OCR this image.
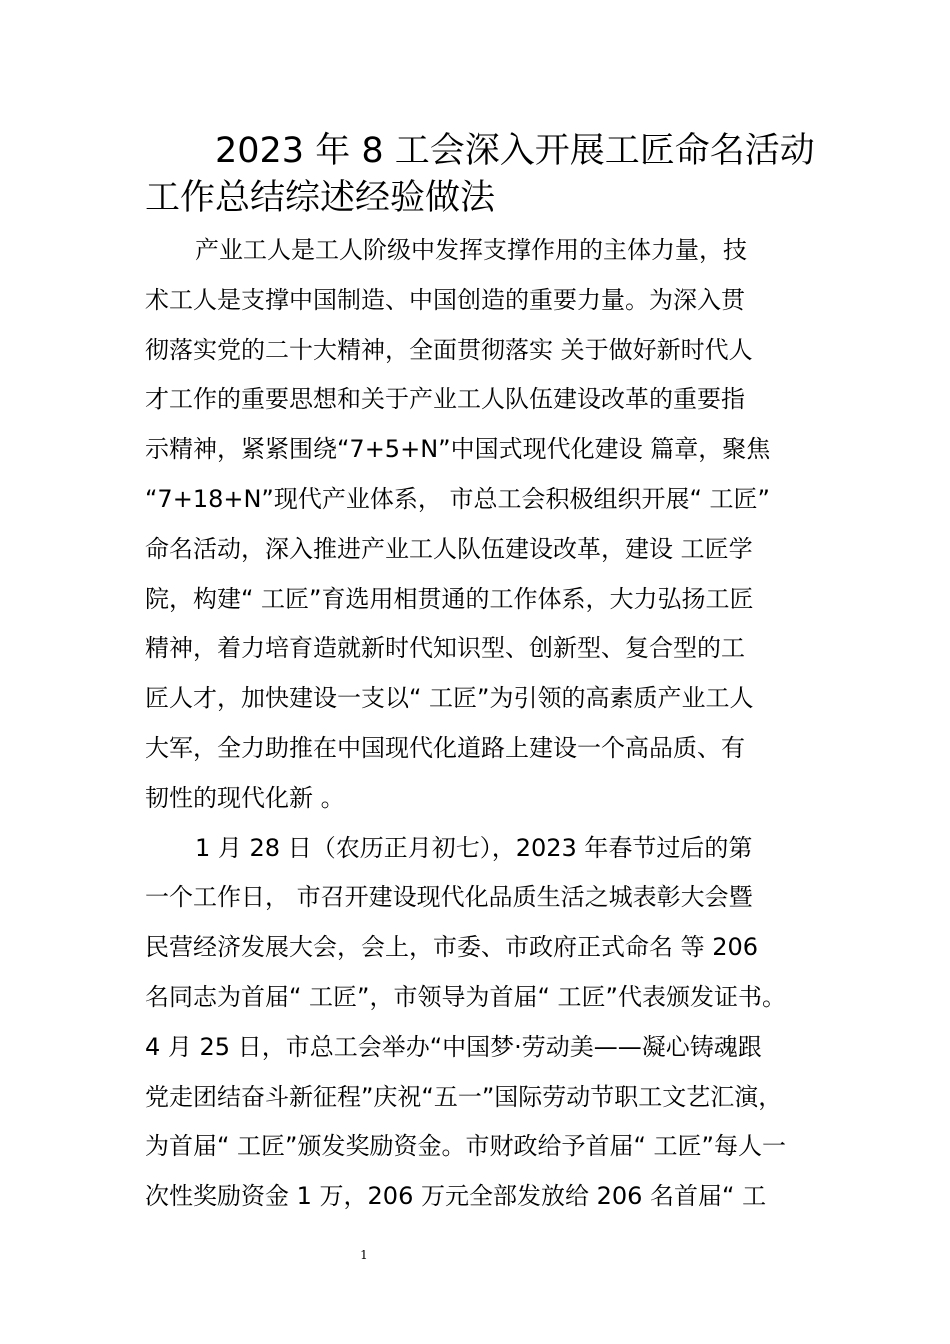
2023 年 8 工会深入开展工匠命名活动
工作总结综述经验做法
产业工人是工人阶级中发挥支撑作用的主体力量，技
术工人是支撑中国制造、中国创造的重要力量。为深入贯
彻落实党的二十大精神，全面贯彻落实 关于做好新时代人
才工作的重要思想和关于产业工人队伍建设改革的重要指
示精神，紧紧围绕“7+5+N”中国式现代化建设 篇章，聚焦
“7+18+N”现代产业体系， 市总工会积极组织开展“ 工匠”
命名活动，深入推进产业工人队伍建设改革，建设 工匠学
院，构建“ 工匠”育选用相贯通的工作体系，大力弘扬工匠
精神，着力培育造就新时代知识型、创新型、复合型的工
匠人才，加快建设一支以“ 工匠”为引领的高素质产业工人
大军，全力助推在中国现代化道路上建设一个高品质、有
韧性的现代化新 。
1 月 28 日（农历正月初七），2023 年春节过后的第
一个工作日， 市召开建设现代化品质生活之城表彰大会暨
民营经济发展大会，会上，市委、市政府正式命名 等 206
名同志为首届“ 工匠”，市领导为首届“ 工匠”代表颁发证书。
4 月 25 日，市总工会举办“中国梦·劳动美——凝心铸魂跟
党走团结奋斗新征程”庆祝“五一”国际劳动节职工文艺汇演，
为首届“ 工匠”颁发奖励资金。市财政给予首届“ 工匠”每人一
次性奖励资金 1 万，206 万元全部发放给 206 名首届“ 工
1
